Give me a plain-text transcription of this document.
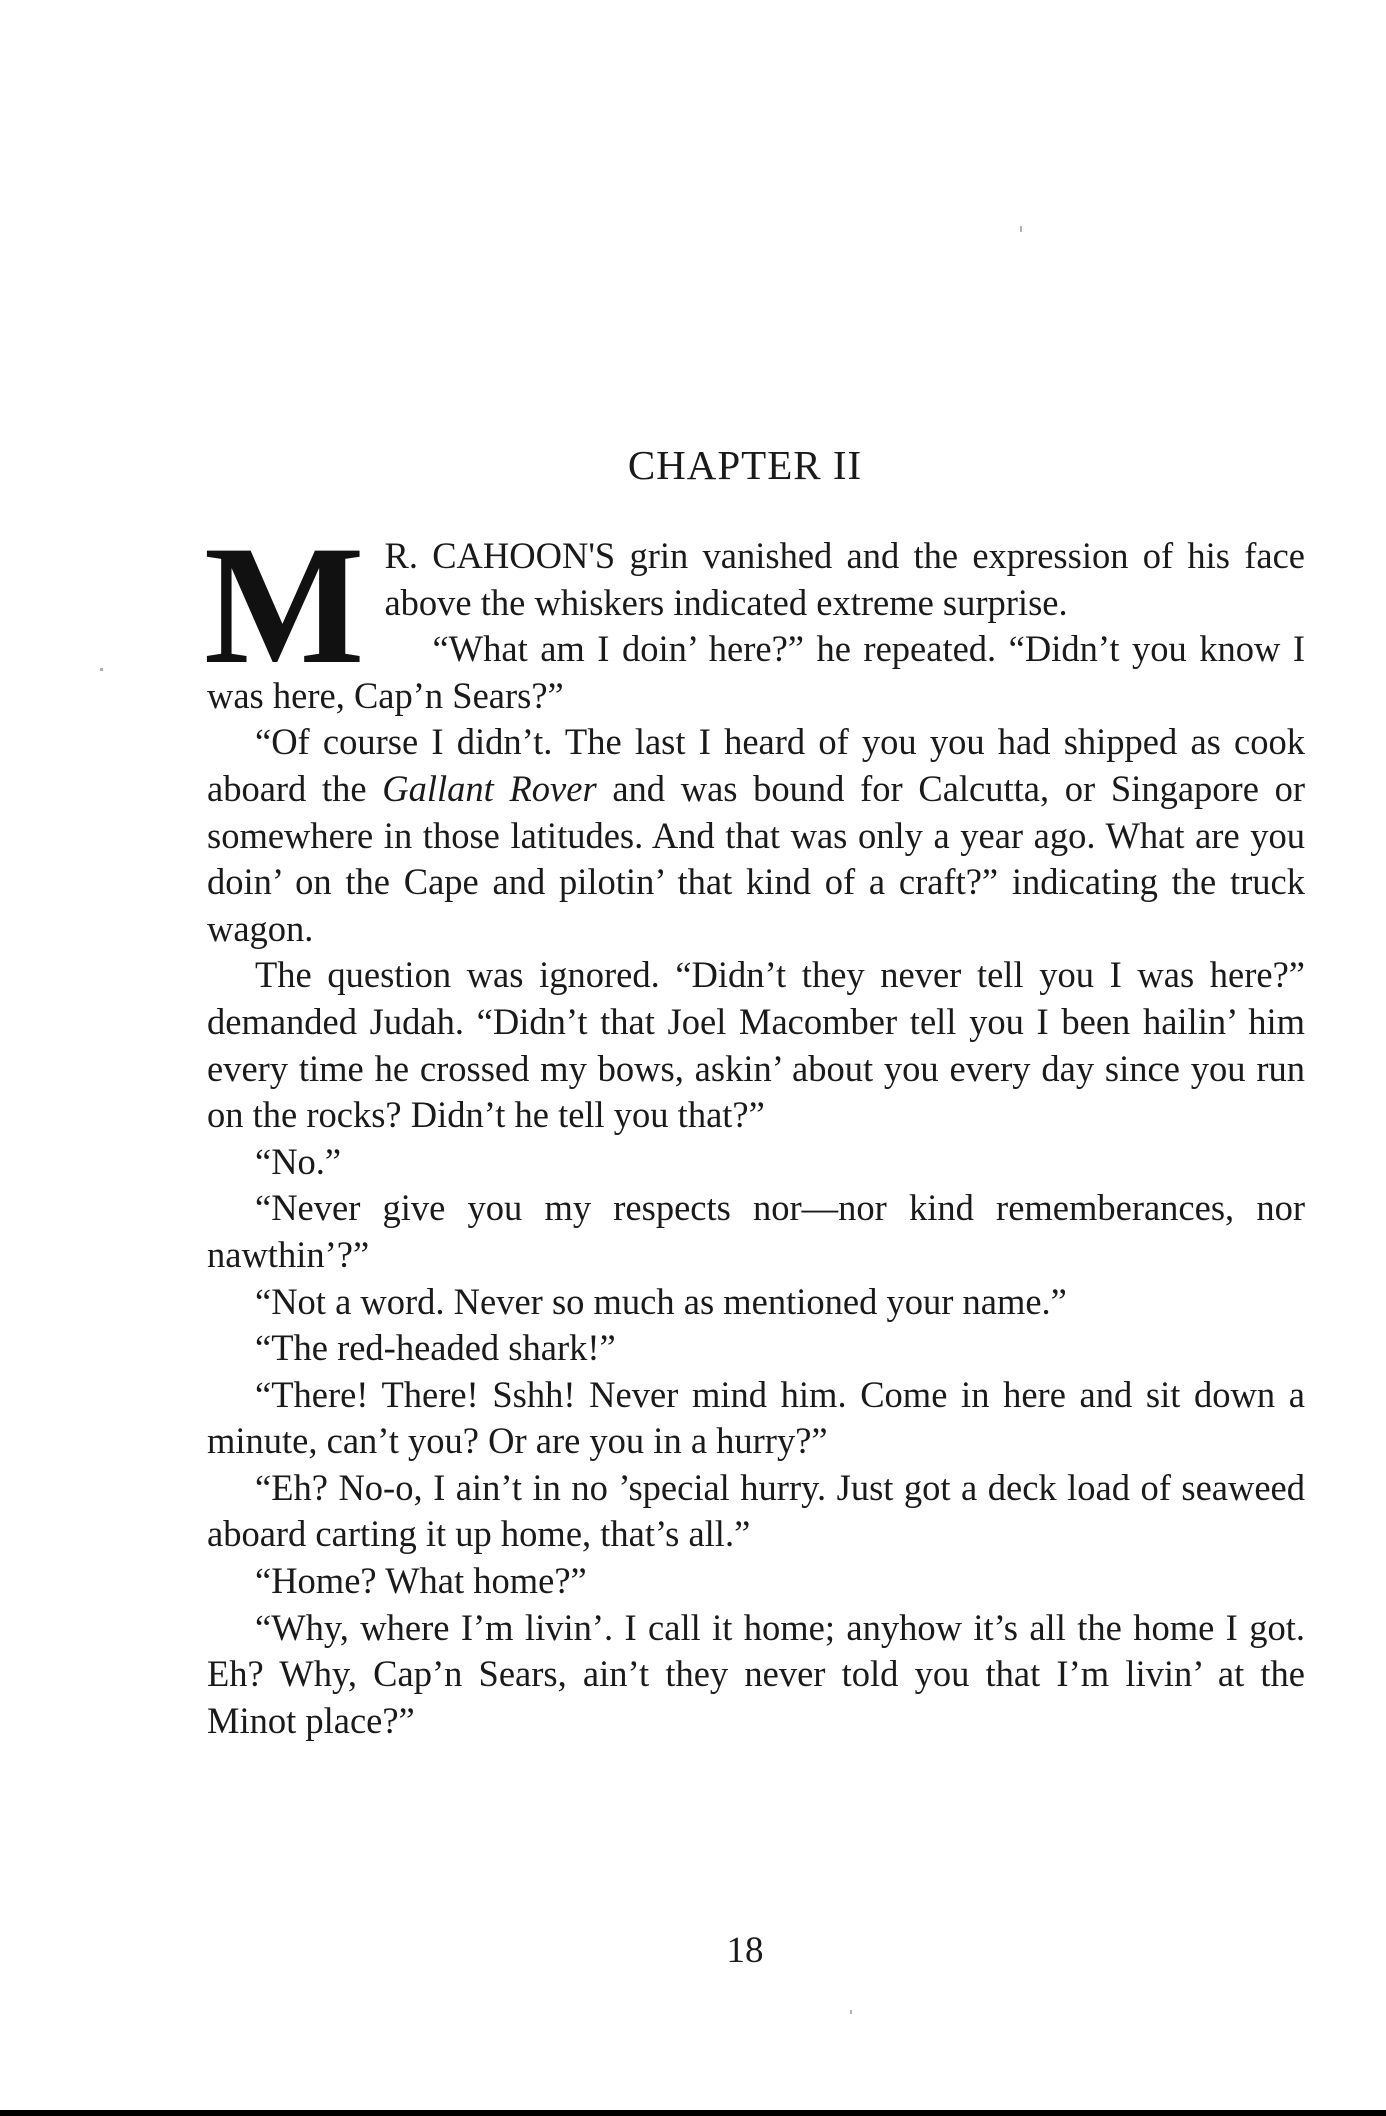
CHAPTER II

M R. CAHOON'S grin vanished and the expression of his face above the whiskers indicated extreme surprise.

“What am I doin’ here?” he repeated. “Didn’t you know I was here, Cap’n Sears?”

“Of course I didn’t. The last I heard of you you had shipped as cook aboard the Gallant Rover and was bound for Calcutta, or Singapore or somewhere in those latitudes. And that was only a year ago. What are you doin’ on the Cape and pilotin’ that kind of a craft?” indicating the truck wagon.

The question was ignored. “Didn’t they never tell you I was here?” demanded Judah. “Didn’t that Joel Macomber tell you I been hailin’ him every time he crossed my bows, askin’ about you every day since you run on the rocks? Didn’t he tell you that?”

“No.”

“Never give you my respects nor—nor kind rememberances, nor nawthin’?”

“Not a word. Never so much as mentioned your name.”

“The red-headed shark!”

“There! There! Sshh! Never mind him. Come in here and sit down a minute, can’t you? Or are you in a hurry?”

“Eh? No-o, I ain’t in no ’special hurry. Just got a deck load of seaweed aboard carting it up home, that’s all.”

“Home? What home?”

“Why, where I’m livin’. I call it home; anyhow it’s all the home I got. Eh? Why, Cap’n Sears, ain’t they never told you that I’m livin’ at the Minot place?”

18
